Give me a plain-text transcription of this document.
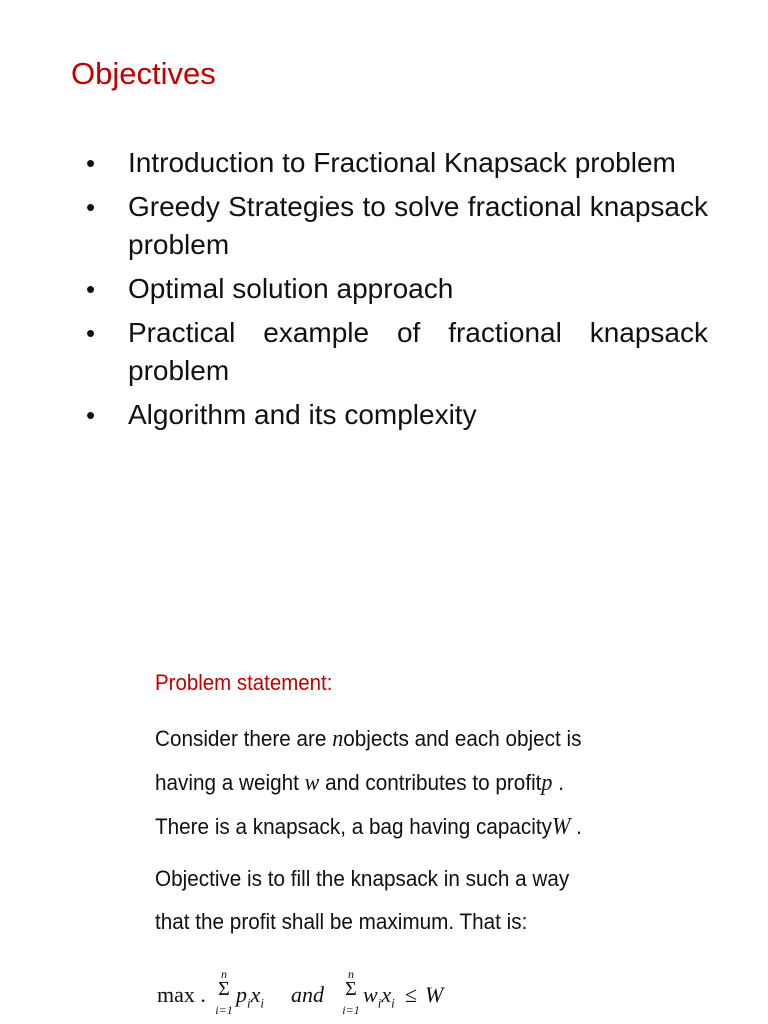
Objectives
• Introduction to Fractional Knapsack problem
• Greedy Strategies to solve fractional knapsack problem
• Optimal solution approach
• Practical example of fractional knapsack problem
• Algorithm and its complexity
Problem statement:

Consider there are nobjects and each object is

having a weight w and contributes to profitp .

There is a knapsack, a bag having capacityW .

Objective is to fill the knapsack in such a way

that the profit shall be maximum. That is:

max .
n
Σ
i=1
$p_ix_i$ and
n
Σ
i=1
$w_ix_i \le W$
